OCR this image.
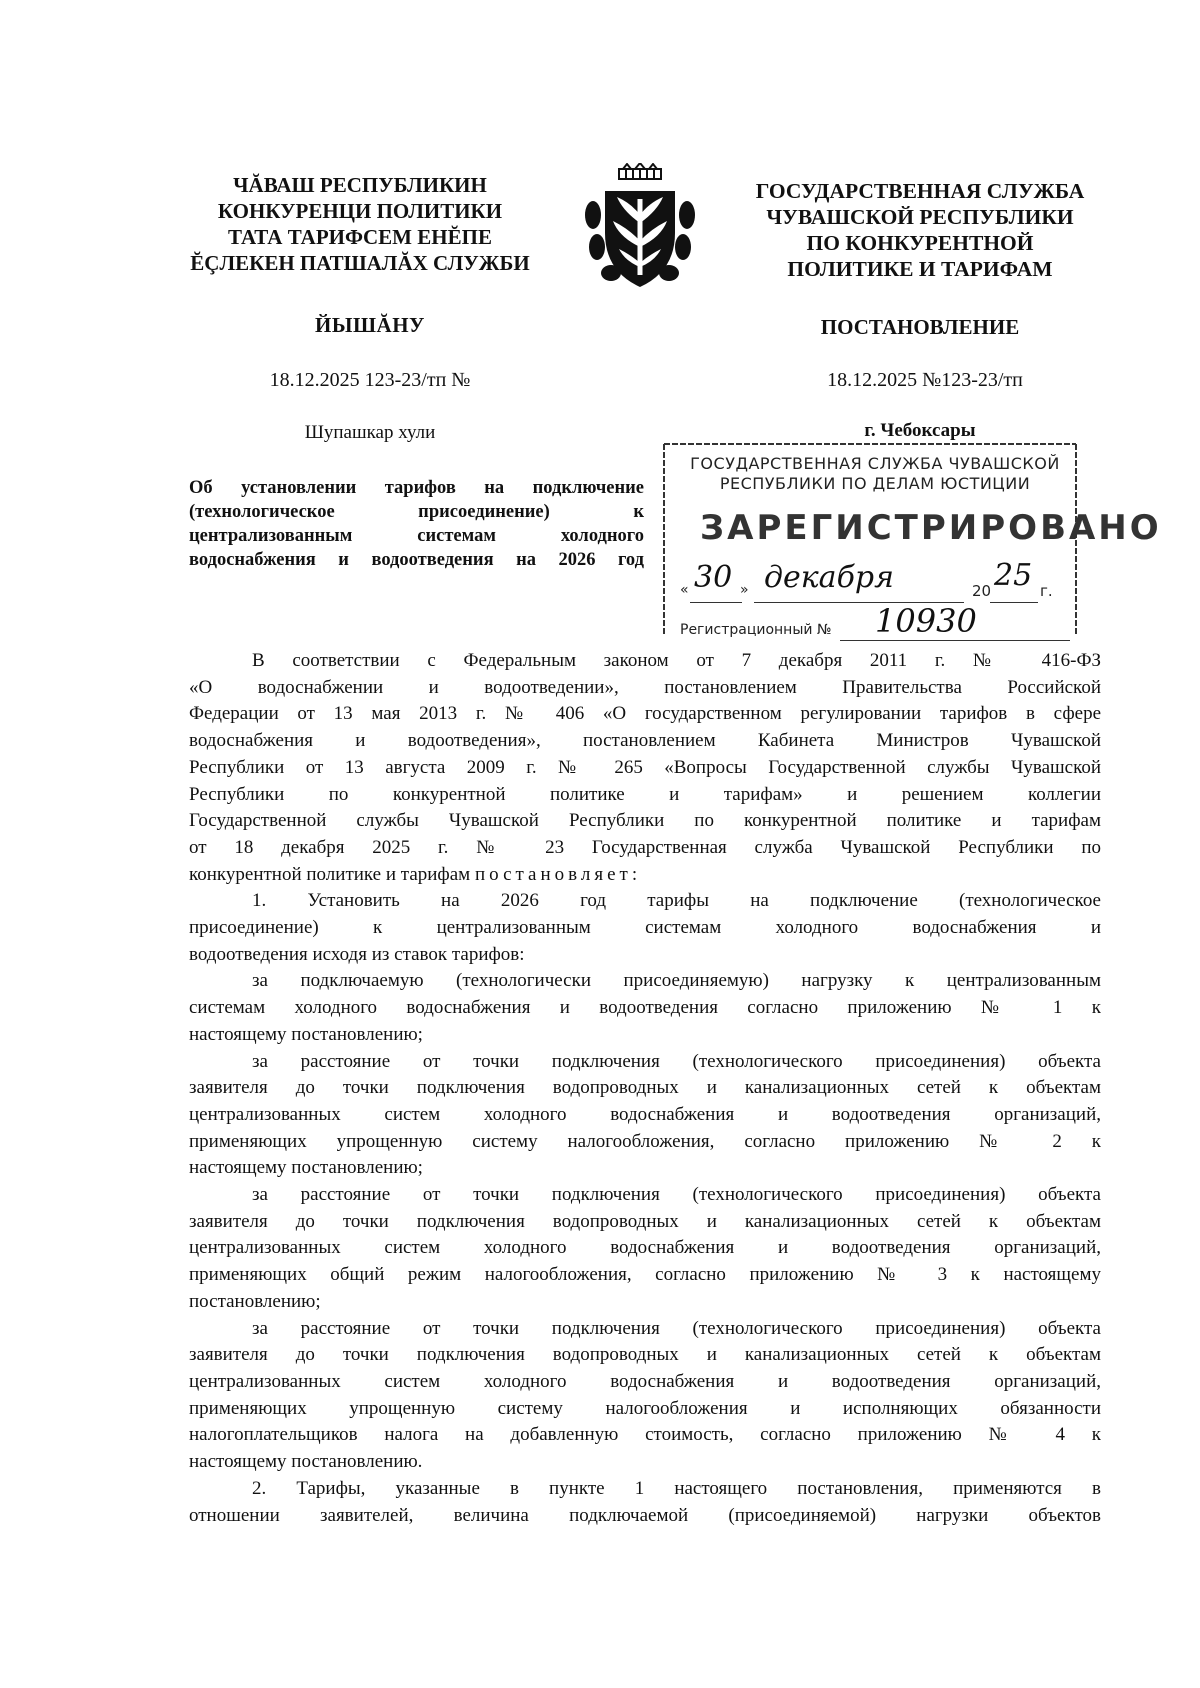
ЧĂВАШ РЕСПУБЛИКИН
КОНКУРЕНЦИ ПОЛИТИКИ
ТАТА ТАРИФСЕМ ЕНĔПЕ
ĔÇЛЕКЕН ПАТШАЛĂХ СЛУЖБИ
ГОСУДАРСТВЕННАЯ СЛУЖБА
ЧУВАШСКОЙ РЕСПУБЛИКИ
ПО КОНКУРЕНТНОЙ
ПОЛИТИКЕ И ТАРИФАМ
ЙЫШĂНУ	ПОСТАНОВЛЕНИЕ
18.12.2025 123-23/тп №	18.12.2025 №123-23/тп
Шупашкар хули	г. Чебоксары
Об установлении тарифов на подключение
(технологическое присоединение) к
централизованным системам холодного
водоснабжения и водоотведения на 2026 год
ГОСУДАРСТВЕННАЯ СЛУЖБА ЧУВАШСКОЙ
РЕСПУБЛИКИ ПО ДЕЛАМ ЮСТИЦИИ
ЗАРЕГИСТРИРОВАНО
« 30 » декабря	20 25 г.
Регистрационный № 10930
В соответствии с Федеральным законом от 7 декабря 2011 г. № 416-ФЗ
«О водоснабжении и водоотведении», постановлением Правительства Российской
Федерации от 13 мая 2013 г. № 406 «О государственном регулировании тарифов в сфере
водоснабжения и водоотведения», постановлением Кабинета Министров Чувашской
Республики от 13 августа 2009 г. № 265 «Вопросы Государственной службы Чувашской
Республики по конкурентной политике и тарифам» и решением коллегии
Государственной службы Чувашской Республики по конкурентной политике и тарифам
от 18 декабря 2025 г. № 23 Государственная служба Чувашской Республики по
конкурентной политике и тарифам постановляет:
1. Установить на 2026 год тарифы на подключение (технологическое
присоединение) к централизованным системам холодного водоснабжения и
водоотведения исходя из ставок тарифов:
за подключаемую (технологически присоединяемую) нагрузку к централизованным
системам холодного водоснабжения и водоотведения согласно приложению № 1 к
настоящему постановлению;
за расстояние от точки подключения (технологического присоединения) объекта
заявителя до точки подключения водопроводных и канализационных сетей к объектам
централизованных систем холодного водоснабжения и водоотведения организаций,
применяющих упрощенную систему налогообложения, согласно приложению № 2 к
настоящему постановлению;
за расстояние от точки подключения (технологического присоединения) объекта
заявителя до точки подключения водопроводных и канализационных сетей к объектам
централизованных систем холодного водоснабжения и водоотведения организаций,
применяющих общий режим налогообложения, согласно приложению № 3 к настоящему
постановлению;
за расстояние от точки подключения (технологического присоединения) объекта
заявителя до точки подключения водопроводных и канализационных сетей к объектам
централизованных систем холодного водоснабжения и водоотведения организаций,
применяющих упрощенную систему налогообложения и исполняющих обязанности
налогоплательщиков налога на добавленную стоимость, согласно приложению № 4 к
настоящему постановлению.
2. Тарифы, указанные в пункте 1 настоящего постановления, применяются в
отношении заявителей, величина подключаемой (присоединяемой) нагрузки объектов
